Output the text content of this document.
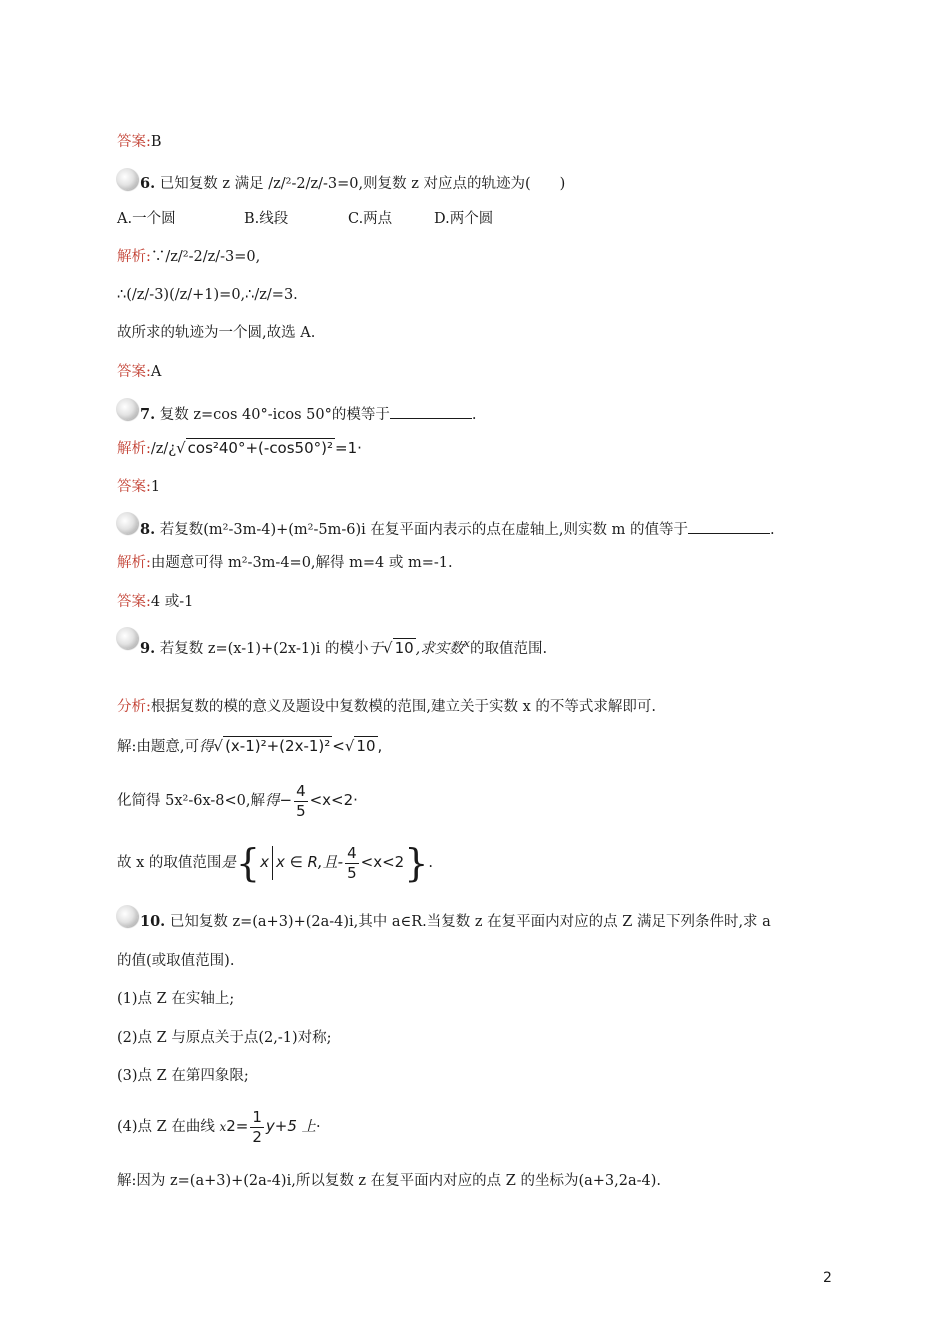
答案:B
6. 已知复数 z 满足 /z/²-2/z/-3=0,则复数 z 对应点的轨迹为(　　)
A.一个圆	B.线段	C.两点	D.两个圆
解析:∵/z/²-2/z/-3=0,
∴(/z/-3)(/z/+1)=0,∴/z/=3.
故所求的轨迹为一个圆,故选 A.
答案:A
7. 复数 z=cos 40°-icos 50°的模等于	.
解析:/z/¿√ cos²40°+(-cos50°)² =1·
答案:1
8. 若复数(m²-3m-4)+(m²-5m-6)i 在复平面内表示的点在虚轴上,则实数 m 的值等于	.
解析:由题意可得 m²-3m-4=0,解得 m=4 或 m=-1.
答案:4 或-1
9. 若复数 z=(x-1)+(2x-1)i 的模小于√ 10 ,求实数$^x$的取值范围.
分析:根据复数的模的意义及题设中复数模的范围,建立关于实数 x 的不等式求解即可.
解:由题意,可得√ (x-1)²+(2x-1)² <√ 10 ,
化简得 5x²-6x-8<0,解得− $\frac{4}{5} <x<2\cdot$
故 x 的取值范围是{x x ∈ R,且- $\frac{4}{5} <x<2$}.
10. 已知复数 z=(a+3)+(2a-4)i,其中 a∈R.当复数 z 在复平面内对应的点 Z 满足下列条件时,求 a
的值(或取值范围).
(1)点 Z 在实轴上;
(2)点 Z 与原点关于点(2,-1)对称;
(3)点 Z 在第四象限;
(4)点 Z 在曲线 $x2= \frac{1}{2} y+5$ 上·
解:因为 z=(a+3)+(2a-4)i,所以复数 z 在复平面内对应的点 Z 的坐标为(a+3,2a-4).
2
